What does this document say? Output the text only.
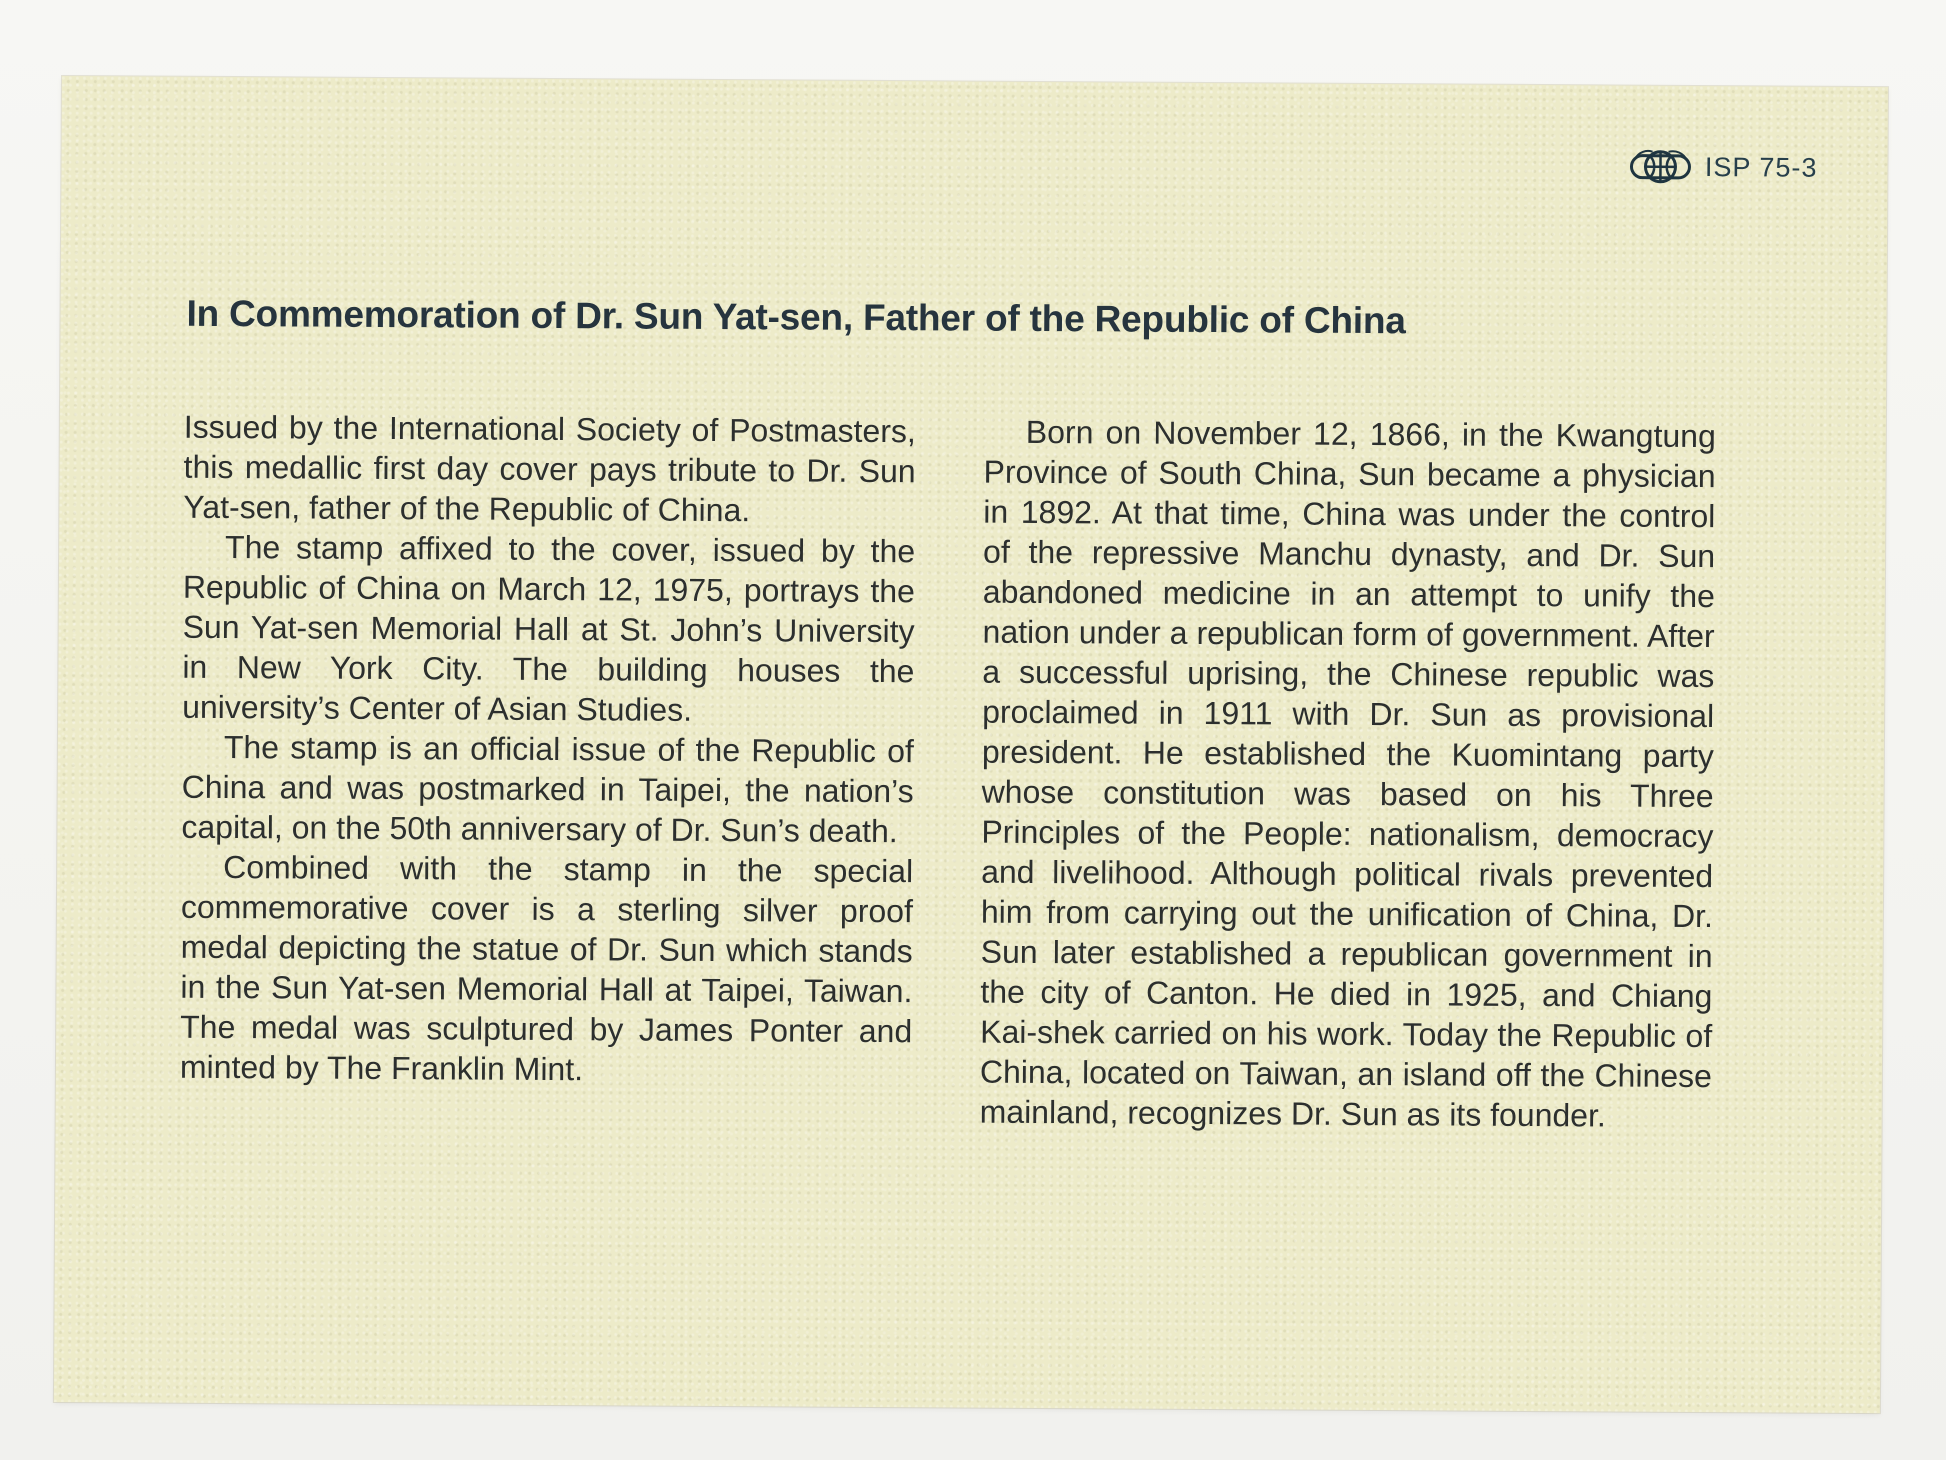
ISP 75-3
In Commemoration of Dr. Sun Yat-sen, Father of the Republic of China

Issued by the International Society of Postmasters, this medallic first day cover pays tribute to Dr. Sun Yat-sen, father of the Republic of China.

The stamp affixed to the cover, issued by the Republic of China on March 12, 1975, portrays the Sun Yat-sen Memorial Hall at St. John’s University in New York City. The building houses the university’s Center of Asian Studies.

The stamp is an official issue of the Republic of China and was postmarked in Taipei, the nation’s capital, on the 50th anniversary of Dr. Sun’s death.

Combined with the stamp in the special commemorative cover is a sterling silver proof medal depicting the statue of Dr. Sun which stands in the Sun Yat-sen Memorial Hall at Taipei, Taiwan. The medal was sculptured by James Ponter and minted by The Franklin Mint.

Born on November 12, 1866, in the Kwangtung Province of South China, Sun became a physician in 1892. At that time, China was under the control of the repressive Manchu dynasty, and Dr. Sun abandoned medicine in an attempt to unify the nation under a republican form of government. After a successful uprising, the Chinese republic was proclaimed in 1911 with Dr. Sun as provisional president. He established the Kuomintang party whose constitution was based on his Three Principles of the People: nationalism, democracy and livelihood. Although political rivals prevented him from carrying out the unification of China, Dr. Sun later established a republican government in the city of Canton. He died in 1925, and Chiang Kai-shek carried on his work. Today the Republic of China, located on Taiwan, an island off the Chinese mainland, recognizes Dr. Sun as its founder.
